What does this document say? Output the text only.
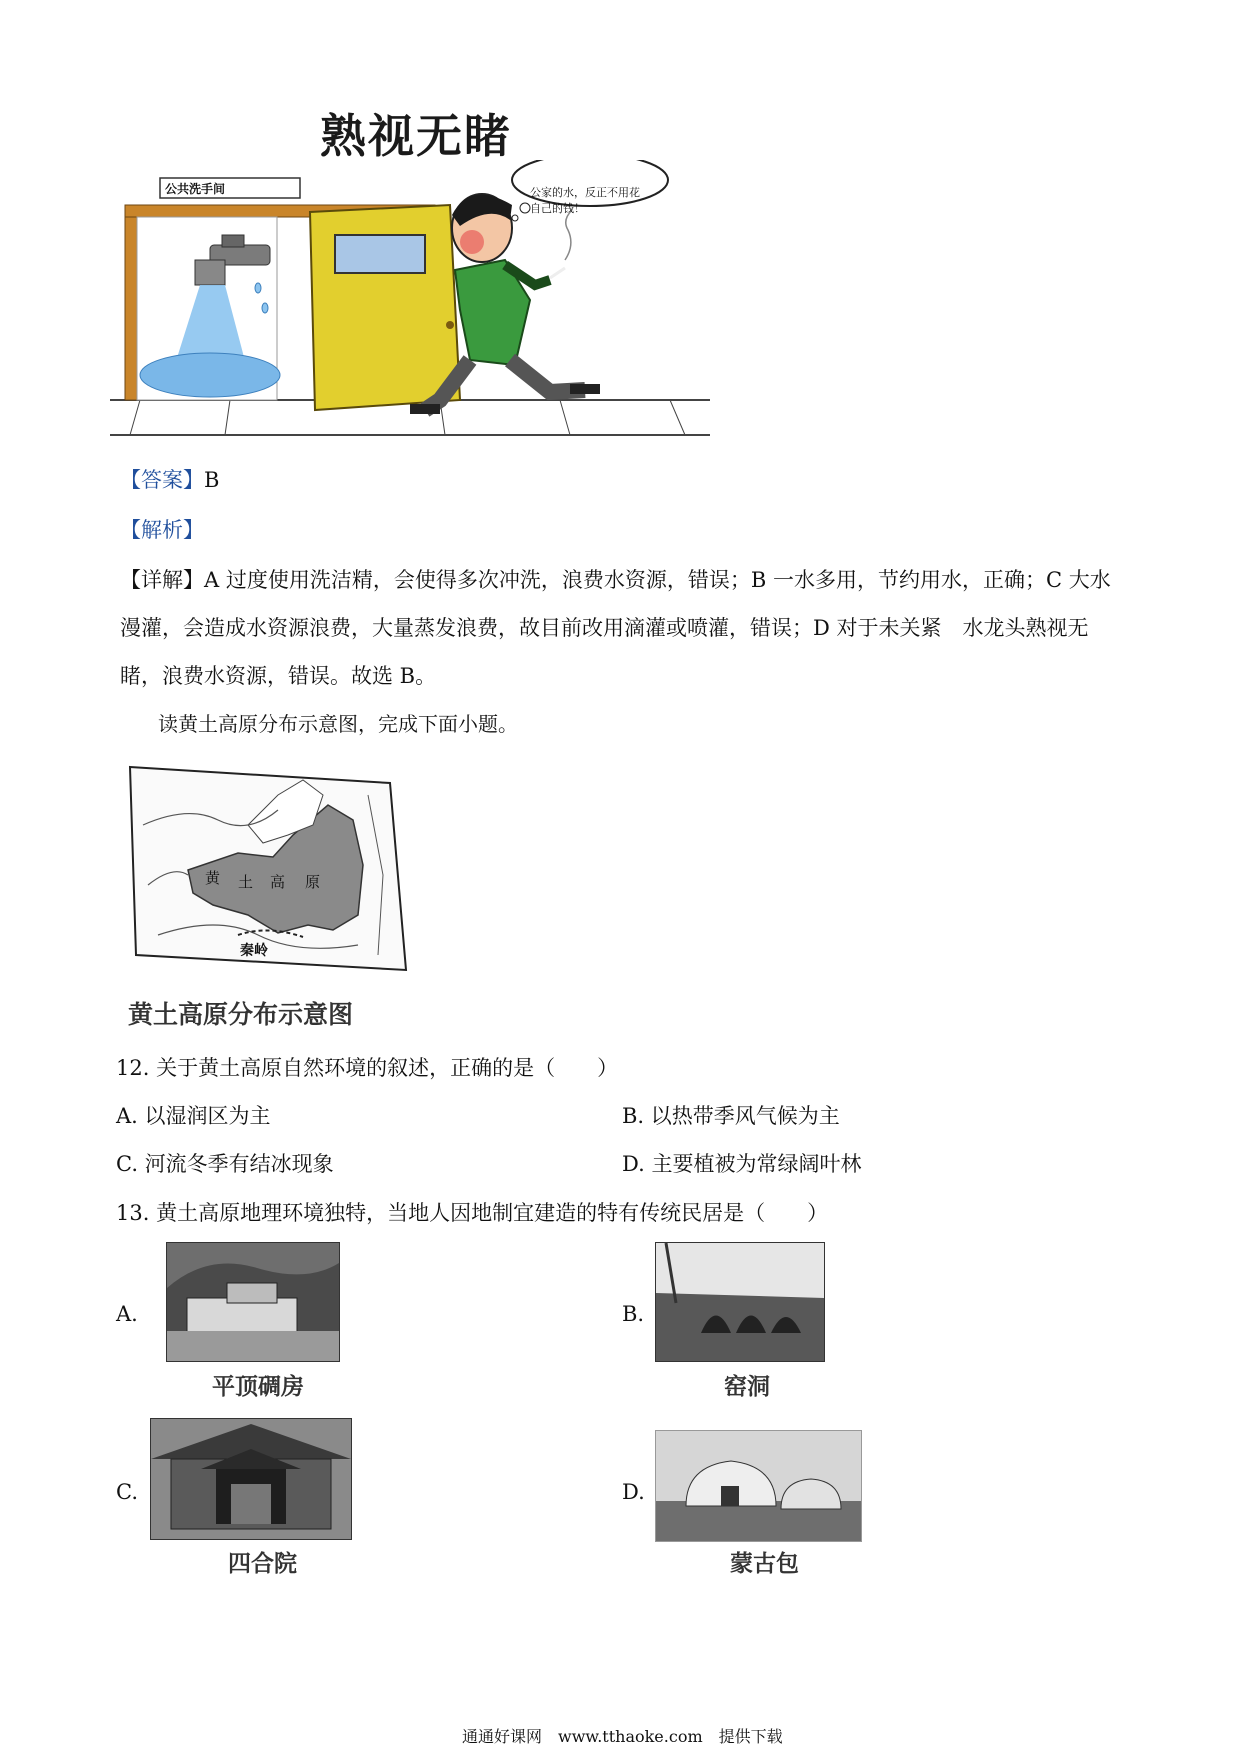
熟视无睹
公共洗手间	公家的水，反正不用花自己的钱！
【答案】B
【解析】
【详解】A 过度使用洗洁精，会使得多次冲洗，浪费水资源，错误；B 一水多用，节约用水，正确；C 大水
漫灌，会造成水资源浪费，大量蒸发浪费，故目前改用滴灌或喷灌，错误；D 对于未关紧　水龙头熟视无
睹，浪费水资源，错误。故选 B。
读黄土高原分布示意图，完成下面小题。
黄 土 高 原
秦岭
黄土高原分布示意图
12. 关于黄土高原自然环境的叙述，正确的是（　　）
A. 以湿润区为主	B. 以热带季风气候为主
C. 河流冬季有结冰现象	D. 主要植被为常绿阔叶林
13. 黄土高原地理环境独特，当地人因地制宜建造的特有传统民居是（　　）
A.
平顶碉房
B.
窑洞
C.
四合院
D.
蒙古包
通通好课网　www.tthaoke.com　提供下载
